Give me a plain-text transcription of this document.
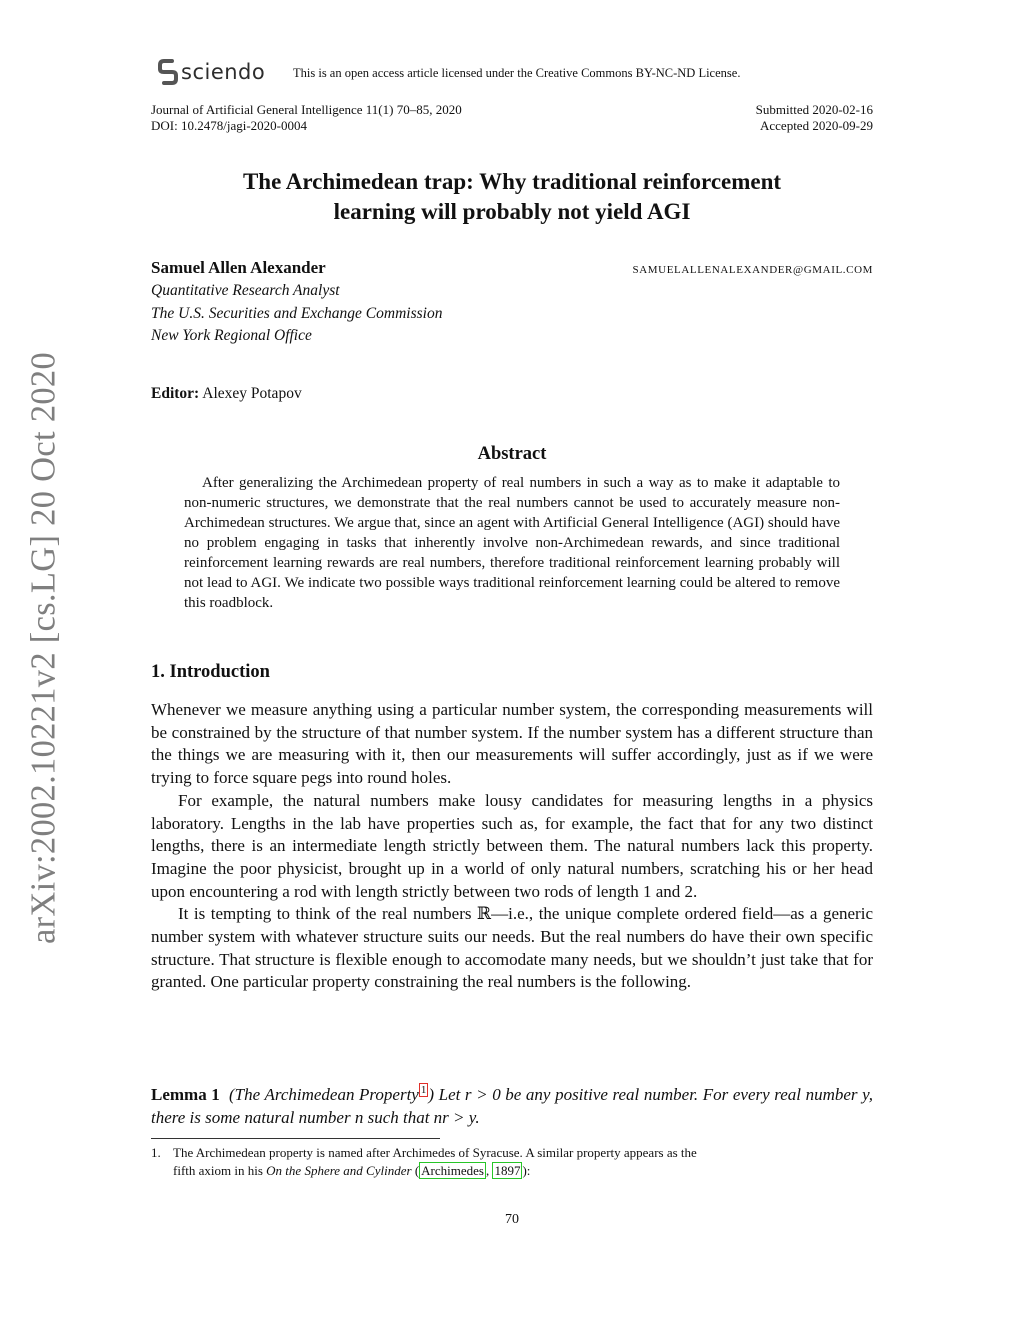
sciendo This is an open access article licensed under the Creative Commons BY-NC-ND License.
Journal of Artificial General Intelligence 11(1) 70–85, 2020
DOI: 10.2478/jagi-2020-0004
Submitted 2020-02-16
Accepted 2020-09-29
The Archimedean trap: Why traditional reinforcement
learning will probably not yield AGI
Samuel Allen Alexander	SAMUELALLENALEXANDER@GMAIL.COM
Quantitative Research Analyst
The U.S. Securities and Exchange Commission
New York Regional Office
Editor: Alexey Potapov
Abstract

After generalizing the Archimedean property of real numbers in such a way as to make it adaptable to non-numeric structures, we demonstrate that the real numbers cannot be used to accurately measure non-Archimedean structures. We argue that, since an agent with Artificial General Intelligence (AGI) should have no problem engaging in tasks that inherently involve non-Archimedean rewards, and since traditional reinforcement learning rewards are real numbers, therefore traditional reinforcement learning probably will not lead to AGI. We indicate two possible ways traditional reinforcement learning could be altered to remove this roadblock.

1. Introduction

Whenever we measure anything using a particular number system, the corresponding measurements will be constrained by the structure of that number system. If the number system has a different structure than the things we are measuring with it, then our measurements will suffer accordingly, just as if we were trying to force square pegs into round holes.

For example, the natural numbers make lousy candidates for measuring lengths in a physics laboratory. Lengths in the lab have properties such as, for example, the fact that for any two distinct lengths, there is an intermediate length strictly between them. The natural numbers lack this property. Imagine the poor physicist, brought up in a world of only natural numbers, scratching his or her head upon encountering a rod with length strictly between two rods of length 1 and 2.

It is tempting to think of the real numbers ℝ—i.e., the unique complete ordered field—as a generic number system with whatever structure suits our needs. But the real numbers do have their own specific structure. That structure is flexible enough to accomodate many needs, but we shouldn’t just take that for granted. One particular property constraining the real numbers is the following.

Lemma 1 (The Archimedean Property $^1$ ) Let r > 0 be any positive real number. For every real number y, there is some natural number n such that nr > y.

1. The Archimedean property is named after Archimedes of Syracuse. A similar property appears as the
fifth axiom in his On the Sphere and Cylinder ( Archimedes , 1897 ):
70
arXiv:2002.10221v2 [cs.LG] 20 Oct 2020
